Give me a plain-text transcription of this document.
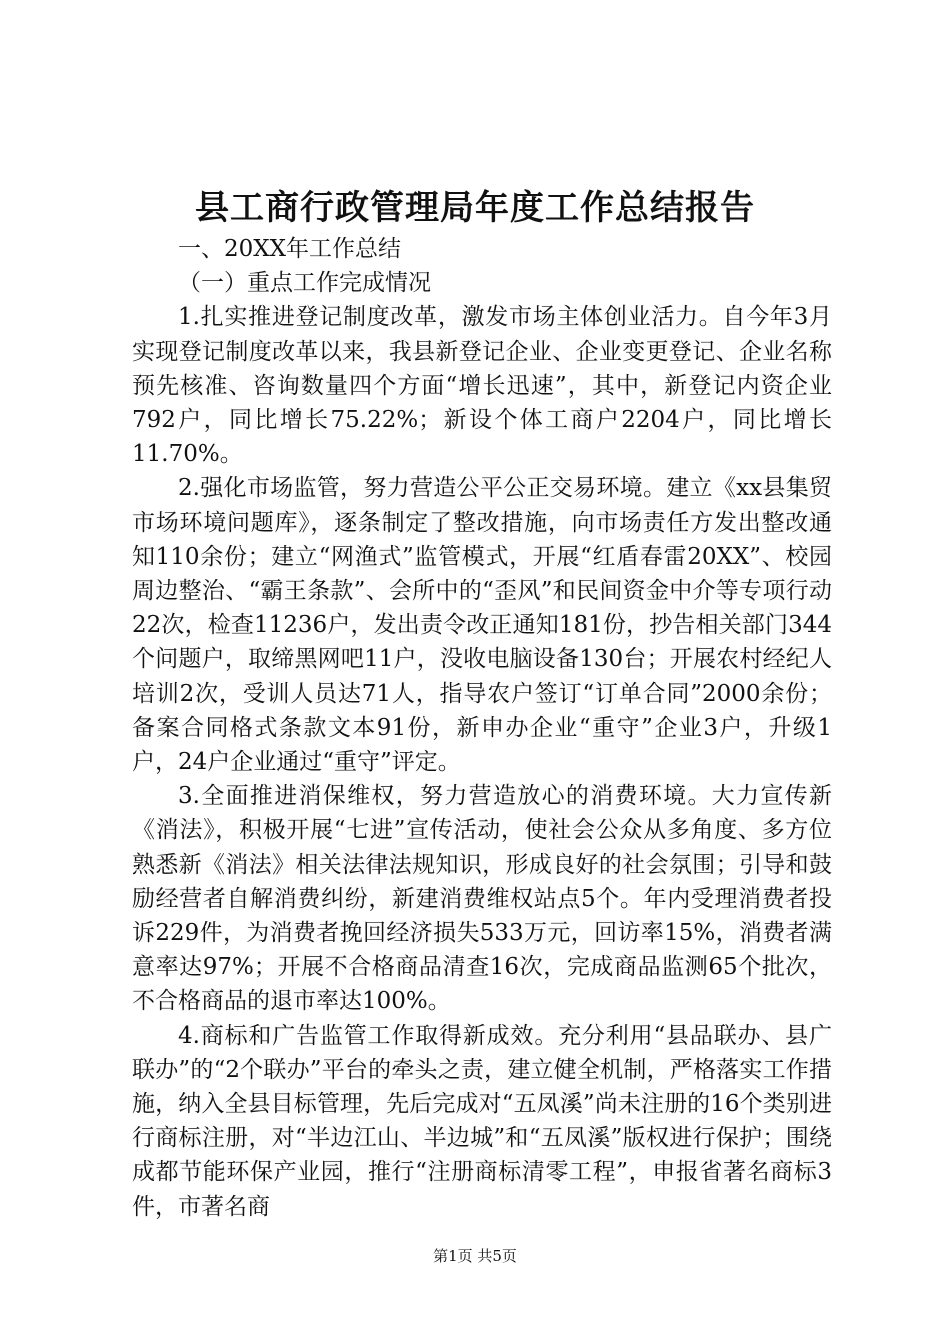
县工商行政管理局年度工作总结报告

一、20XX年工作总结

（一）重点工作完成情况

1.扎实推进登记制度改革，激发市场主体创业活力。自今年3月实现登记制度改革以来，我县新登记企业、企业变更登记、企业名称预先核准、咨询数量四个方面“增长迅速”，其中，新登记内资企业792户，同比增长75.22%；新设个体工商户2204户，同比增长11.70%。

2.强化市场监管，努力营造公平公正交易环境。建立《xx县集贸市场环境问题库》，逐条制定了整改措施，向市场责任方发出整改通知110余份；建立“网渔式”监管模式，开展“红盾春雷20XX”、校园周边整治、“霸王条款”、会所中的“歪风”和民间资金中介等专项行动22次，检查11236户，发出责令改正通知181份，抄告相关部门344个问题户，取缔黑网吧11户，没收电脑设备130台；开展农村经纪人培训2次，受训人员达71人，指导农户签订“订单合同”2000余份；备案合同格式条款文本91份，新申办企业“重守”企业3户，升级1户，24户企业通过“重守”评定。

3.全面推进消保维权，努力营造放心的消费环境。大力宣传新《消法》，积极开展“七进”宣传活动，使社会公众从多角度、多方位熟悉新《消法》相关法律法规知识，形成良好的社会氛围；引导和鼓励经营者自解消费纠纷，新建消费维权站点5个。年内受理消费者投诉229件，为消费者挽回经济损失533万元，回访率15%，消费者满意率达97%；开展不合格商品清查16次，完成商品监测65个批次，不合格商品的退市率达100%。

4.商标和广告监管工作取得新成效。充分利用“县品联办、县广联办”的“2个联办”平台的牵头之责，建立健全机制，严格落实工作措施，纳入全县目标管理，先后完成对“五凤溪”尚未注册的16个类别进行商标注册，对“半边江山、半边城”和“五凤溪”版权进行保护；围绕成都节能环保产业园，推行“注册商标清零工程”，申报省著名商标3件，市著名商

第1页 共5页
